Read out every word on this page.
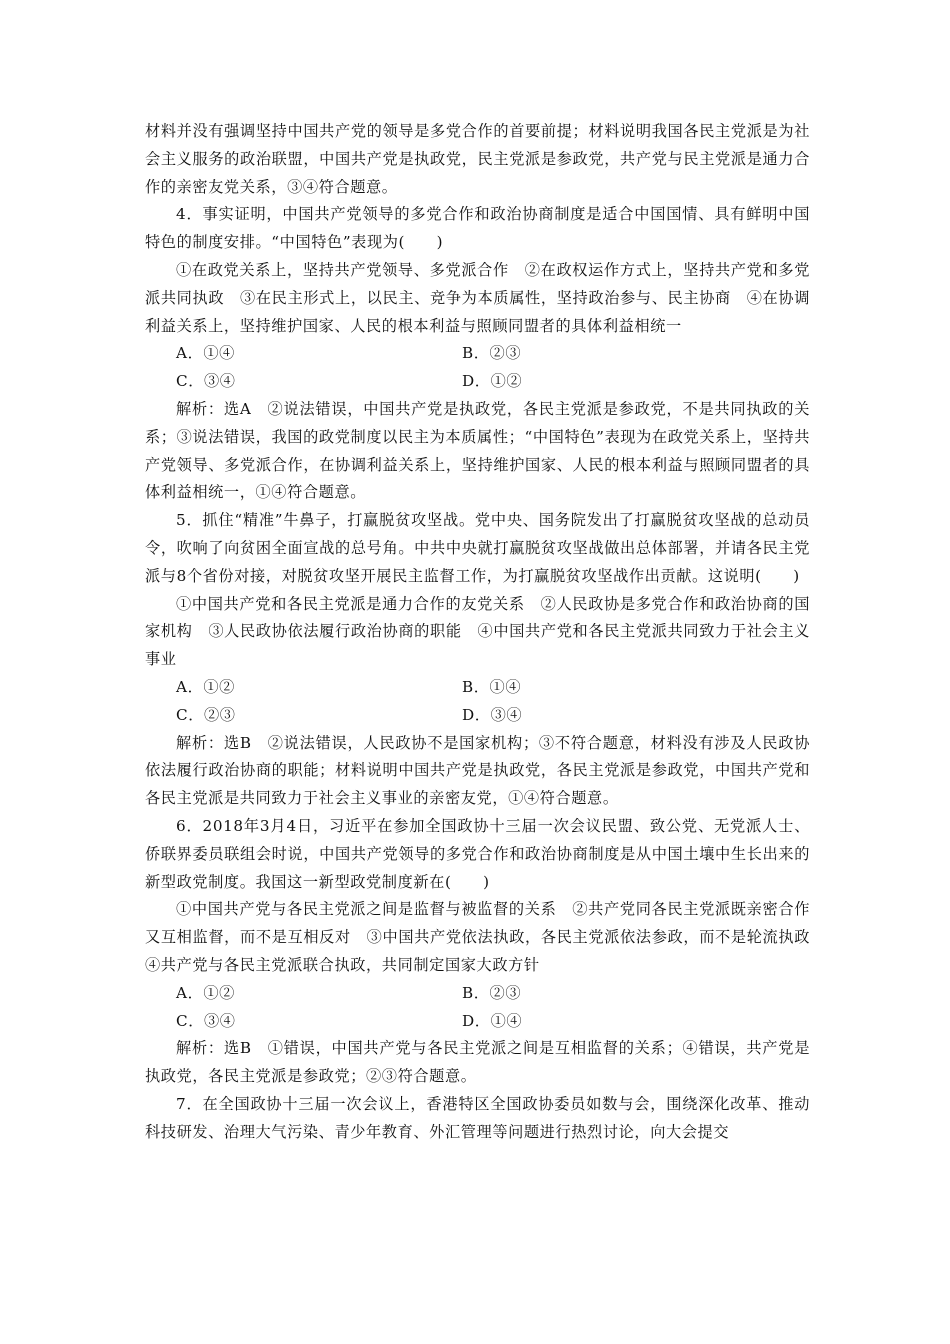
材料并没有强调坚持中国共产党的领导是多党合作的首要前提；材料说明我国各民主党派是为社会主义服务的政治联盟，中国共产党是执政党，民主党派是参政党，共产党与民主党派是通力合作的亲密友党关系，③④符合题意。

4．事实证明，中国共产党领导的多党合作和政治协商制度是适合中国国情、具有鲜明中国特色的制度安排。“中国特色”表现为(　　)

①在政党关系上，坚持共产党领导、多党派合作　②在政权运作方式上，坚持共产党和多党派共同执政　③在民主形式上，以民主、竞争为本质属性，坚持政治参与、民主协商　④在协调利益关系上，坚持维护国家、人民的根本利益与照顾同盟者的具体利益相统一

A．①④	B．②③
C．③④	D．①②

解析：选A　②说法错误，中国共产党是执政党，各民主党派是参政党，不是共同执政的关系；③说法错误，我国的政党制度以民主为本质属性；“中国特色”表现为在政党关系上，坚持共产党领导、多党派合作，在协调利益关系上，坚持维护国家、人民的根本利益与照顾同盟者的具体利益相统一，①④符合题意。

5．抓住“精准”牛鼻子，打赢脱贫攻坚战。党中央、国务院发出了打赢脱贫攻坚战的总动员令，吹响了向贫困全面宣战的总号角。中共中央就打赢脱贫攻坚战做出总体部署，并请各民主党派与8个省份对接，对脱贫攻坚开展民主监督工作，为打赢脱贫攻坚战作出贡献。这说明(　　)

①中国共产党和各民主党派是通力合作的友党关系　②人民政协是多党合作和政治协商的国家机构　③人民政协依法履行政治协商的职能　④中国共产党和各民主党派共同致力于社会主义事业

A．①②	B．①④
C．②③	D．③④

解析：选B　②说法错误，人民政协不是国家机构；③不符合题意，材料没有涉及人民政协依法履行政治协商的职能；材料说明中国共产党是执政党，各民主党派是参政党，中国共产党和各民主党派是共同致力于社会主义事业的亲密友党，①④符合题意。

6．2018年3月4日，习近平在参加全国政协十三届一次会议民盟、致公党、无党派人士、侨联界委员联组会时说，中国共产党领导的多党合作和政治协商制度是从中国土壤中生长出来的新型政党制度。我国这一新型政党制度新在(　　)

①中国共产党与各民主党派之间是监督与被监督的关系　②共产党同各民主党派既亲密合作又互相监督，而不是互相反对　③中国共产党依法执政，各民主党派依法参政，而不是轮流执政　④共产党与各民主党派联合执政，共同制定国家大政方针

A．①②	B．②③
C．③④	D．①④

解析：选B　①错误，中国共产党与各民主党派之间是互相监督的关系；④错误，共产党是执政党，各民主党派是参政党；②③符合题意。

7．在全国政协十三届一次会议上，香港特区全国政协委员如数与会，围绕深化改革、推动科技研发、治理大气污染、青少年教育、外汇管理等问题进行热烈讨论，向大会提交
